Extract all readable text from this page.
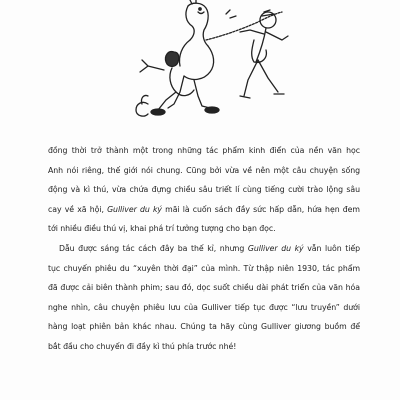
đồng thời trở thành một trong những tác phẩm kinh điển của nền văn học
Anh nói riêng, thế giới nói chung. Cũng bởi vừa về nên một câu chuyện sống
động và kì thú, vừa chứa đựng chiều sâu triết lí cùng tiếng cười trào lộng sâu
cay về xã hội, Gulliver du ký mãi là cuốn sách đầy sức hấp dẫn, hứa hẹn đem
tới nhiều điều thú vị, khai phá trí tưởng tượng cho bạn đọc.

Dẫu được sáng tác cách đây ba thế kỉ, nhưng Gulliver du ký vẫn luôn tiếp
tục chuyến phiêu du “xuyên thời đại” của mình. Từ thập niên 1930, tác phẩm
đã được cải biên thành phim; sau đó, dọc suốt chiều dài phát triển của văn hóa
nghe nhìn, câu chuyện phiêu lưu của Gulliver tiếp tục được “lưu truyền” dưới
hàng loạt phiên bản khác nhau. Chúng ta hãy cùng Gulliver giương buồm để
bắt đầu cho chuyến đi đầy kì thú phía trước nhé!
